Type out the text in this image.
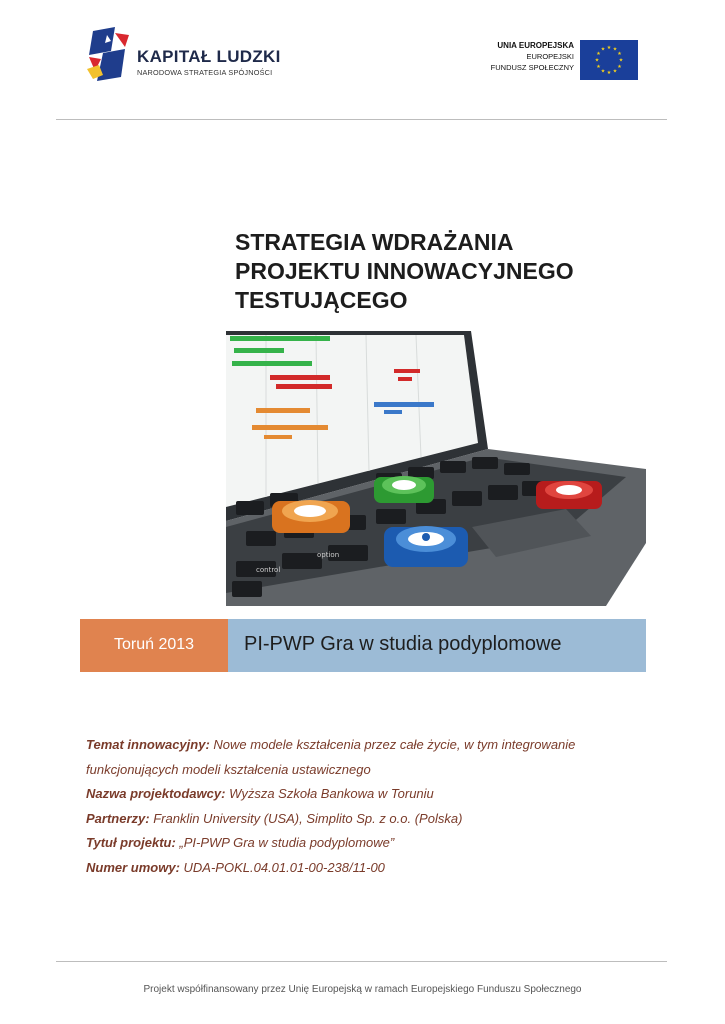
KAPITAŁ LUDZKI
NARODOWA STRATEGIA SPÓJNOŚCI
UNIA EUROPEJSKA
EUROPEJSKI
FUNDUSZ SPOŁECZNY
★ ★
★
★
★
★
★
★
★
★
★
★
STRATEGIA WDRAŻANIA
PROJEKTU INNOWACYJNEGO
TESTUJĄCEGO
control
option
Toruń 2013	PI-PWP Gra w studia podyplomowe
Temat innowacyjny: Nowe modele kształcenia przez całe życie, w tym integrowanie
funkcjonujących modeli kształcenia ustawicznego
Nazwa projektodawcy: Wyższa Szkoła Bankowa w Toruniu
Partnerzy: Franklin University (USA), Simplito Sp. z o.o. (Polska)
Tytuł projektu: „PI-PWP Gra w studia podyplomowe”
Numer umowy: UDA-POKL.04.01.01-00-238/11-00
Projekt współfinansowany przez Unię Europejską w ramach Europejskiego Funduszu Społecznego
